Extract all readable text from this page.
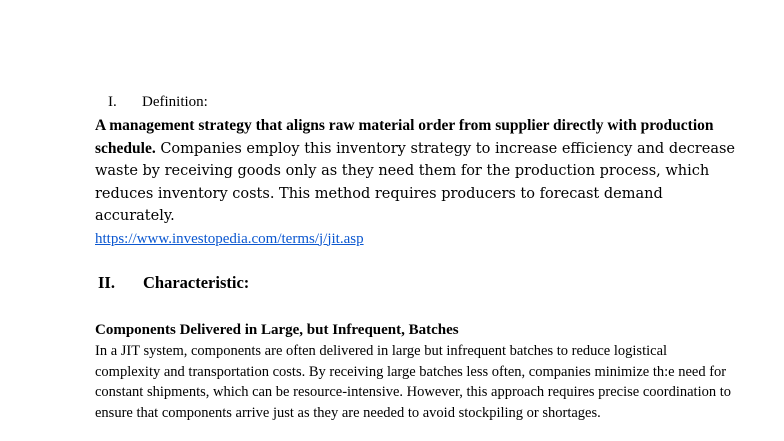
I.	Definition:

A management strategy that aligns raw material order from supplier directly with production schedule. Companies employ this inventory strategy to increase efficiency and decrease waste by receiving goods only as they need them for the production process, which reduces inventory costs. This method requires producers to forecast demand accurately.

https://www.investopedia.com/terms/j/jit.asp
II.	Characteristic:

Components Delivered in Large, but Infrequent, Batches

In a JIT system, components are often delivered in large but infrequent batches to reduce logistical complexity and transportation costs. By receiving large batches less often, companies minimize th:e need for constant shipments, which can be resource-intensive. However, this approach requires precise coordination to ensure that components arrive just as they are needed to avoid stockpiling or shortages.
